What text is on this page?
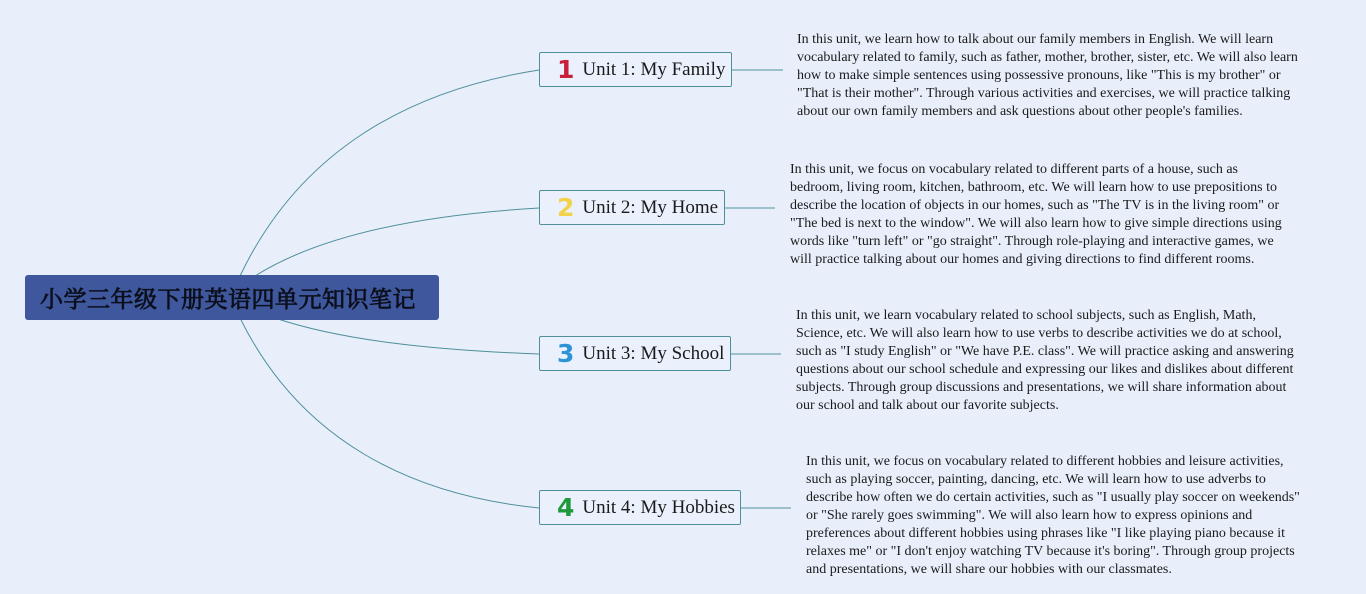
小学三年级下册英语四单元知识笔记
1 Unit 1: My Family
In this unit, we learn how to talk about our family members in English. We will learn vocabulary related to family, such as father, mother, brother, sister, etc. We will also learn how to make simple sentences using possessive pronouns, like "This is my brother" or "That is their mother". Through various activities and exercises, we will practice talking about our own family members and ask questions about other people's families.
2 Unit 2: My Home
In this unit, we focus on vocabulary related to different parts of a house, such as bedroom, living room, kitchen, bathroom, etc. We will learn how to use prepositions to describe the location of objects in our homes, such as "The TV is in the living room" or "The bed is next to the window". We will also learn how to give simple directions using words like "turn left" or "go straight". Through role-playing and interactive games, we will practice talking about our homes and giving directions to find different rooms.
3 Unit 3: My School
In this unit, we learn vocabulary related to school subjects, such as English, Math, Science, etc. We will also learn how to use verbs to describe activities we do at school, such as "I study English" or "We have P.E. class". We will practice asking and answering questions about our school schedule and expressing our likes and dislikes about different subjects. Through group discussions and presentations, we will share information about our school and talk about our favorite subjects.
4 Unit 4: My Hobbies
In this unit, we focus on vocabulary related to different hobbies and leisure activities, such as playing soccer, painting, dancing, etc. We will learn how to use adverbs to describe how often we do certain activities, such as "I usually play soccer on weekends" or "She rarely goes swimming". We will also learn how to express opinions and preferences about different hobbies using phrases like "I like playing piano because it relaxes me" or "I don't enjoy watching TV because it's boring". Through group projects and presentations, we will share our hobbies with our classmates.
